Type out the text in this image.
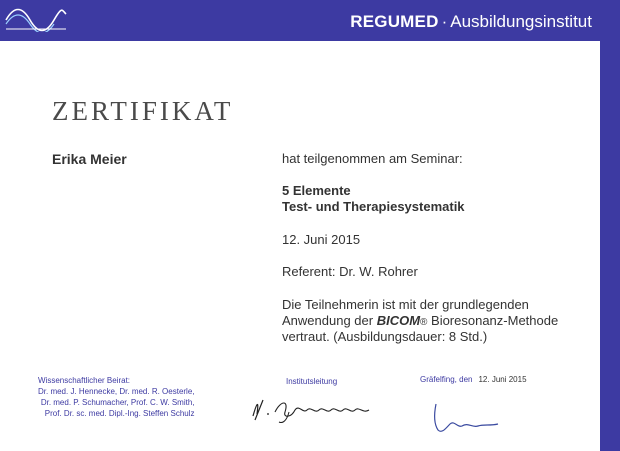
REGUMED · Ausbildungsinstitut
ZERTIFIKAT
Erika Meier	hat teilgenommen am Seminar:
5 Elemente
Test- und Therapiesystematik
12. Juni 2015
Referent: Dr. W. Rohrer
Die Teilnehmerin ist mit der grundlegenden
Anwendung der BICOM® Bioresonanz-Methode
vertraut. (Ausbildungsdauer: 8 Std.)
Wissenschaftlicher Beirat:
Dr. med. J. Hennecke, Dr. med. R. Oesterle,
Dr. med. P. Schumacher, Prof. C. W. Smith,
Prof. Dr. sc. med. Dipl.-Ing. Steffen Schulz
Institutsleitung	Gräfelfing, den 12. Juni 2015
